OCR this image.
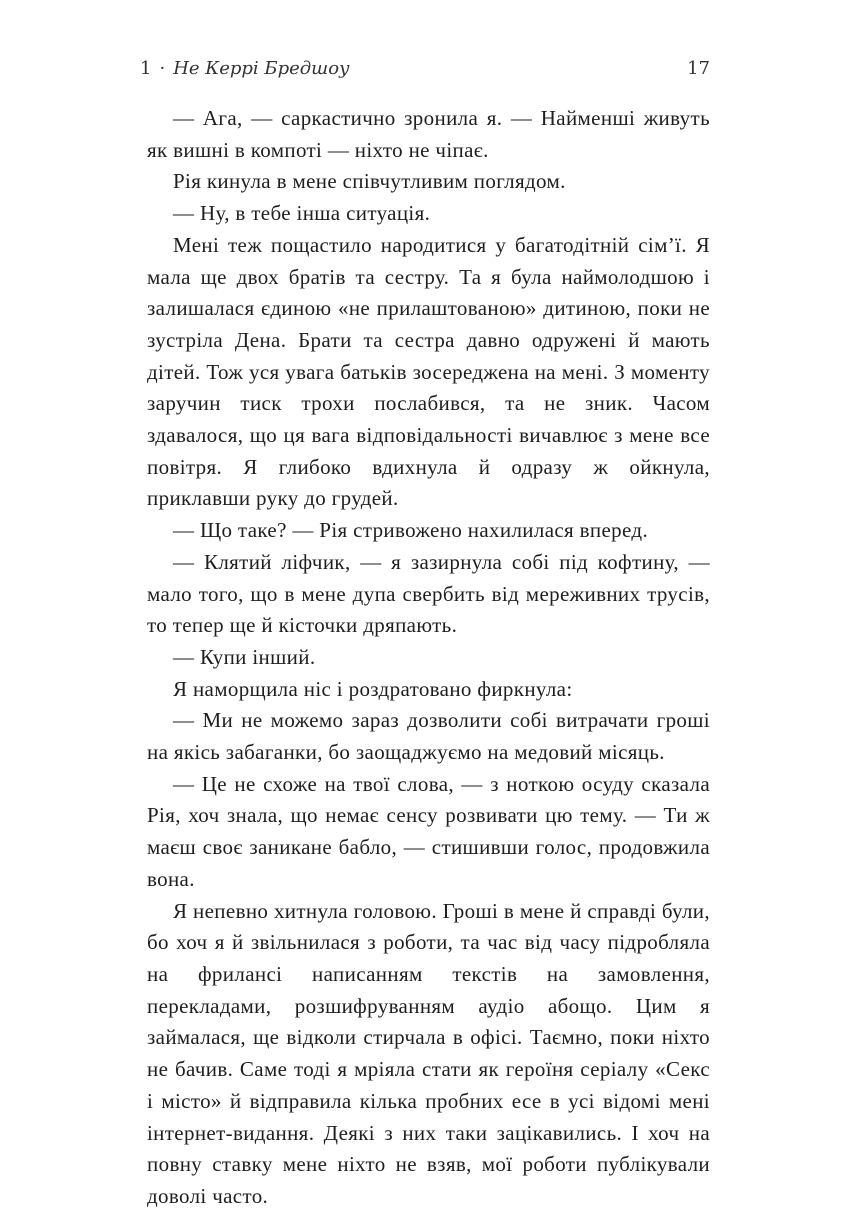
1 · Не Керрі Бредшоу	17

— Ага, — саркастично зронила я. — Найменші живуть як вишні в компоті — ніхто не чіпає.

Рія кинула в мене співчутливим поглядом.

— Ну, в тебе інша ситуація.

Мені теж пощастило народитися у багатодітній сім’ї. Я мала ще двох братів та сестру. Та я була наймолодшою і залишалася єдиною «не прилаштованою» дитиною, поки не зустріла Дена. Брати та сестра давно одружені й мають дітей. Тож уся увага батьків зосереджена на мені. З моменту заручин тиск трохи послабився, та не зник. Часом здавалося, що ця вага відповідальності вичавлює з мене все повітря. Я глибоко вдихнула й одразу ж ойкнула, приклавши руку до грудей.

— Що таке? — Рія стривожено нахилилася вперед.

— Клятий ліфчик, — я зазирнула собі під кофтину, — мало того, що в мене дупа свербить від мереживних трусів, то тепер ще й кісточки дряпають.

— Купи інший.

Я наморщила ніс і роздратовано фиркнула:

— Ми не можемо зараз дозволити собі витрачати гроші на якісь забаганки, бо заощаджуємо на медовий місяць.

— Це не схоже на твої слова, — з ноткою осуду сказала Рія, хоч знала, що немає сенсу розвивати цю тему. — Ти ж маєш своє заникане бабло, — стишивши голос, продовжила вона.

Я непевно хитнула головою. Гроші в мене й справді були, бо хоч я й звільнилася з роботи, та час від часу підробляла на фрилансі написанням текстів на замовлення, перекладами, розшифруванням аудіо абощо. Цим я займалася, ще відколи стирчала в офісі. Таємно, поки ніхто не бачив. Саме тоді я мріяла стати як героїня серіалу «Секс і місто» й відправила кілька пробних есе в усі відомі мені інтернет-видання. Деякі з них таки зацікавились. І хоч на повну ставку мене ніхто не взяв, мої роботи публікували доволі часто.
